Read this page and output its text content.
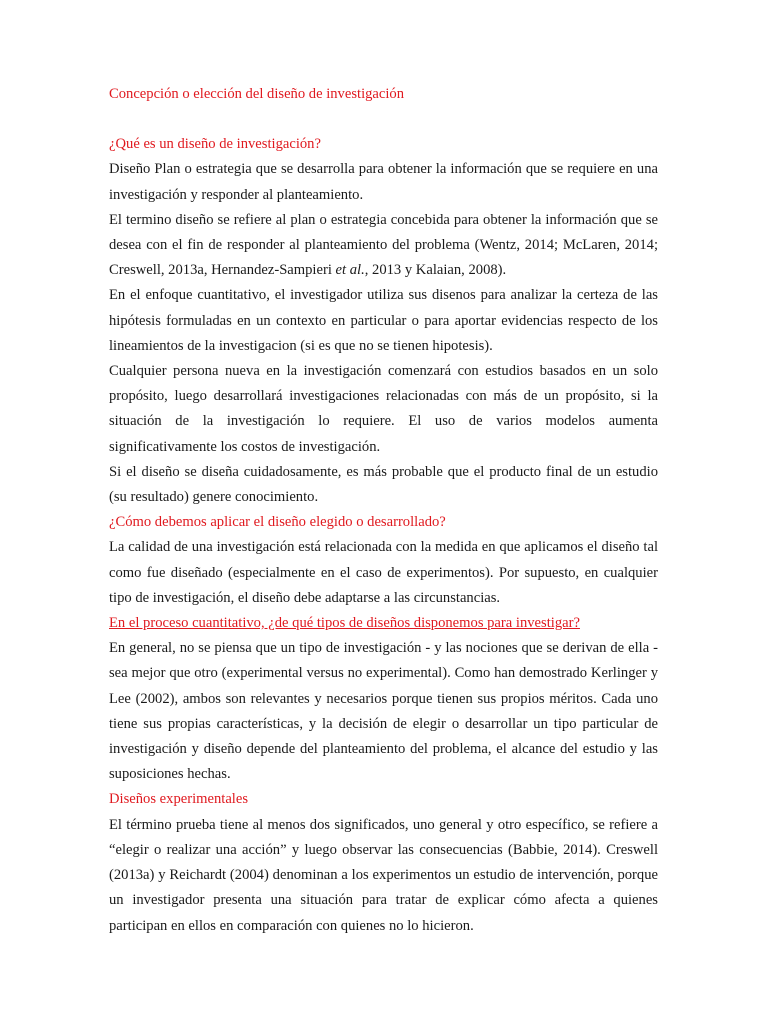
Concepción o elección del diseño de investigación
¿Qué es un diseño de investigación?

Diseño Plan o estrategia que se desarrolla para obtener la información que se requiere en una investigación y responder al planteamiento.

El termino diseño se refiere al plan o estrategia concebida para obtener la información que se desea con el fin de responder al planteamiento del problema (Wentz, 2014; McLaren, 2014; Creswell, 2013a, Hernandez-Sampieri et al., 2013 y Kalaian, 2008).

En el enfoque cuantitativo, el investigador utiliza sus disenos para analizar la certeza de las hipótesis formuladas en un contexto en particular o para aportar evidencias respecto de los lineamientos de la investigacion (si es que no se tienen hipotesis).

Cualquier persona nueva en la investigación comenzará con estudios basados en un solo propósito, luego desarrollará investigaciones relacionadas con más de un propósito, si la situación de la investigación lo requiere. El uso de varios modelos aumenta significativamente los costos de investigación.

Si el diseño se diseña cuidadosamente, es más probable que el producto final de un estudio (su resultado) genere conocimiento.

¿Cómo debemos aplicar el diseño elegido o desarrollado?

La calidad de una investigación está relacionada con la medida en que aplicamos el diseño tal como fue diseñado (especialmente en el caso de experimentos). Por supuesto, en cualquier tipo de investigación, el diseño debe adaptarse a las circunstancias.

En el proceso cuantitativo, ¿de qué tipos de diseños disponemos para investigar?

En general, no se piensa que un tipo de investigación - y las nociones que se derivan de ella - sea mejor que otro (experimental versus no experimental). Como han demostrado Kerlinger y Lee (2002), ambos son relevantes y necesarios porque tienen sus propios méritos. Cada uno tiene sus propias características, y la decisión de elegir o desarrollar un tipo particular de investigación y diseño depende del planteamiento del problema, el alcance del estudio y las suposiciones hechas.

Diseños experimentales

El término prueba tiene al menos dos significados, uno general y otro específico, se refiere a “elegir o realizar una acción” y luego observar las consecuencias (Babbie, 2014). Creswell (2013a) y Reichardt (2004) denominan a los experimentos un estudio de intervención, porque un investigador presenta una situación para tratar de explicar cómo afecta a quienes participan en ellos en comparación con quienes no lo hicieron.
